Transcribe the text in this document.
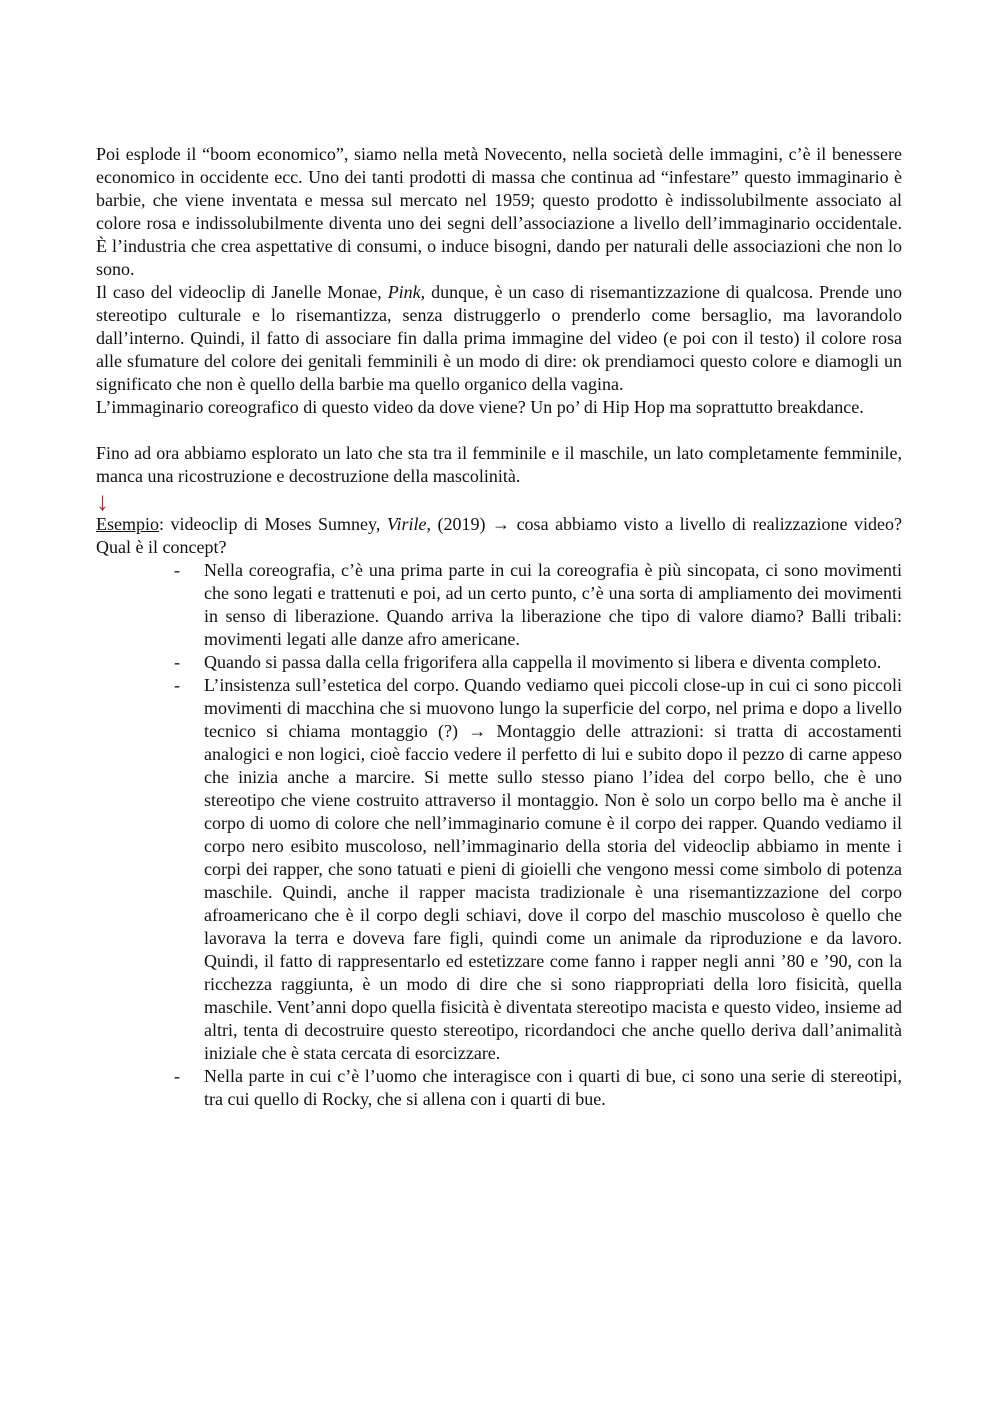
Poi esplode il “boom economico”, siamo nella metà Novecento, nella società delle immagini, c’è il benessere economico in occidente ecc. Uno dei tanti prodotti di massa che continua ad “infestare” questo immaginario è barbie, che viene inventata e messa sul mercato nel 1959; questo prodotto è indissolubilmente associato al colore rosa e indissolubilmente diventa uno dei segni dell’associazione a livello dell’immaginario occidentale. È l’industria che crea aspettative di consumi, o induce bisogni, dando per naturali delle associazioni che non lo sono.

Il caso del videoclip di Janelle Monae, Pink, dunque, è un caso di risemantizzazione di qualcosa. Prende uno stereotipo culturale e lo risemantizza, senza distruggerlo o prenderlo come bersaglio, ma lavorandolo dall’interno. Quindi, il fatto di associare fin dalla prima immagine del video (e poi con il testo) il colore rosa alle sfumature del colore dei genitali femminili è un modo di dire: ok prendiamoci questo colore e diamogli un significato che non è quello della barbie ma quello organico della vagina.

L’immaginario coreografico di questo video da dove viene? Un po’ di Hip Hop ma soprattutto breakdance.

Fino ad ora abbiamo esplorato un lato che sta tra il femminile e il maschile, un lato completamente femminile, manca una ricostruzione e decostruzione della mascolinità.

↓

Esempio: videoclip di Moses Sumney, Virile, (2019) → cosa abbiamo visto a livello di realizzazione video? Qual è il concept?

- Nella coreografia, c’è una prima parte in cui la coreografia è più sincopata, ci sono movimenti che sono legati e trattenuti e poi, ad un certo punto, c’è una sorta di ampliamento dei movimenti in senso di liberazione. Quando arriva la liberazione che tipo di valore diamo? Balli tribali: movimenti legati alle danze afro americane.
- Quando si passa dalla cella frigorifera alla cappella il movimento si libera e diventa completo.
- L’insistenza sull’estetica del corpo. Quando vediamo quei piccoli close-up in cui ci sono piccoli movimenti di macchina che si muovono lungo la superficie del corpo, nel prima e dopo a livello tecnico si chiama montaggio (?) → Montaggio delle attrazioni: si tratta di accostamenti analogici e non logici, cioè faccio vedere il perfetto di lui e subito dopo il pezzo di carne appeso che inizia anche a marcire. Si mette sullo stesso piano l’idea del corpo bello, che è uno stereotipo che viene costruito attraverso il montaggio. Non è solo un corpo bello ma è anche il corpo di uomo di colore che nell’immaginario comune è il corpo dei rapper. Quando vediamo il corpo nero esibito muscoloso, nell’immaginario della storia del videoclip abbiamo in mente i corpi dei rapper, che sono tatuati e pieni di gioielli che vengono messi come simbolo di potenza maschile. Quindi, anche il rapper macista tradizionale è una risemantizzazione del corpo afroamericano che è il corpo degli schiavi, dove il corpo del maschio muscoloso è quello che lavorava la terra e doveva fare figli, quindi come un animale da riproduzione e da lavoro. Quindi, il fatto di rappresentarlo ed estetizzare come fanno i rapper negli anni ’80 e ’90, con la ricchezza raggiunta, è un modo di dire che si sono riappropriati della loro fisicità, quella maschile. Vent’anni dopo quella fisicità è diventata stereotipo macista e questo video, insieme ad altri, tenta di decostruire questo stereotipo, ricordandoci che anche quello deriva dall’animalità iniziale che è stata cercata di esorcizzare.
- Nella parte in cui c’è l’uomo che interagisce con i quarti di bue, ci sono una serie di stereotipi, tra cui quello di Rocky, che si allena con i quarti di bue.
